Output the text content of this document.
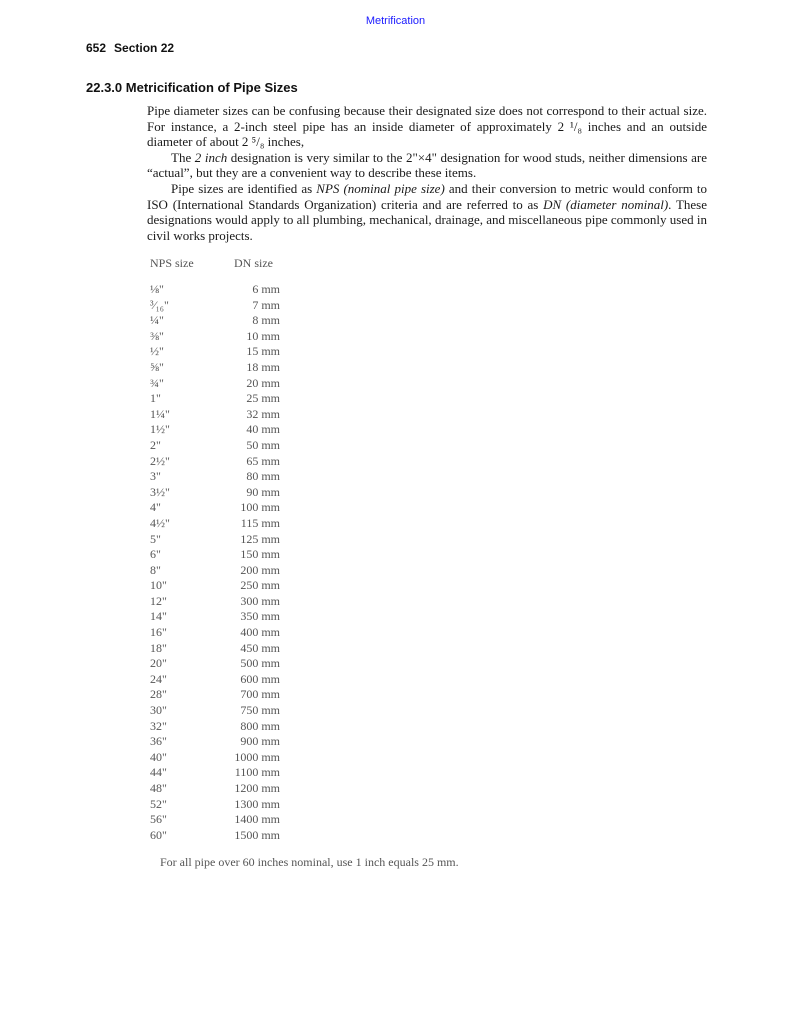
Metrification
652 Section 22
22.3.0 Metricification of Pipe Sizes

Pipe diameter sizes can be confusing because their designated size does not correspond to their actual size. For instance, a 2-inch steel pipe has an inside diameter of approximately 2 ¹/₈ inches and an outside diameter of about 2 ⁵/₈ inches,

The 2 inch designation is very similar to the 2"×4" designation for wood studs, neither dimensions are “actual”, but they are a convenient way to describe these items.

Pipe sizes are identified as NPS (nominal pipe size) and their conversion to metric would conform to ISO (International Standards Organization) criteria and are referred to as DN (diameter nominal). These designations would apply to all plumbing, mechanical, drainage, and miscellaneous pipe commonly used in civil works projects.

NPS size	DN size
⅛"	6 mm
³⁄₁₆"	7 mm
¼"	8 mm
⅜"	10 mm
½"	15 mm
⅝"	18 mm
¾"	20 mm
1"	25 mm
1¼"	32 mm
1½"	40 mm
2"	50 mm
2½"	65 mm
3"	80 mm
3½"	90 mm
4"	100 mm
4½"	115 mm
5"	125 mm
6"	150 mm
8"	200 mm
10"	250 mm
12"	300 mm
14"	350 mm
16"	400 mm
18"	450 mm
20"	500 mm
24"	600 mm
28"	700 mm
30"	750 mm
32"	800 mm
36"	900 mm
40"	1000 mm
44"	1100 mm
48"	1200 mm
52"	1300 mm
56"	1400 mm
60"	1500 mm
For all pipe over 60 inches nominal, use 1 inch equals 25 mm.
